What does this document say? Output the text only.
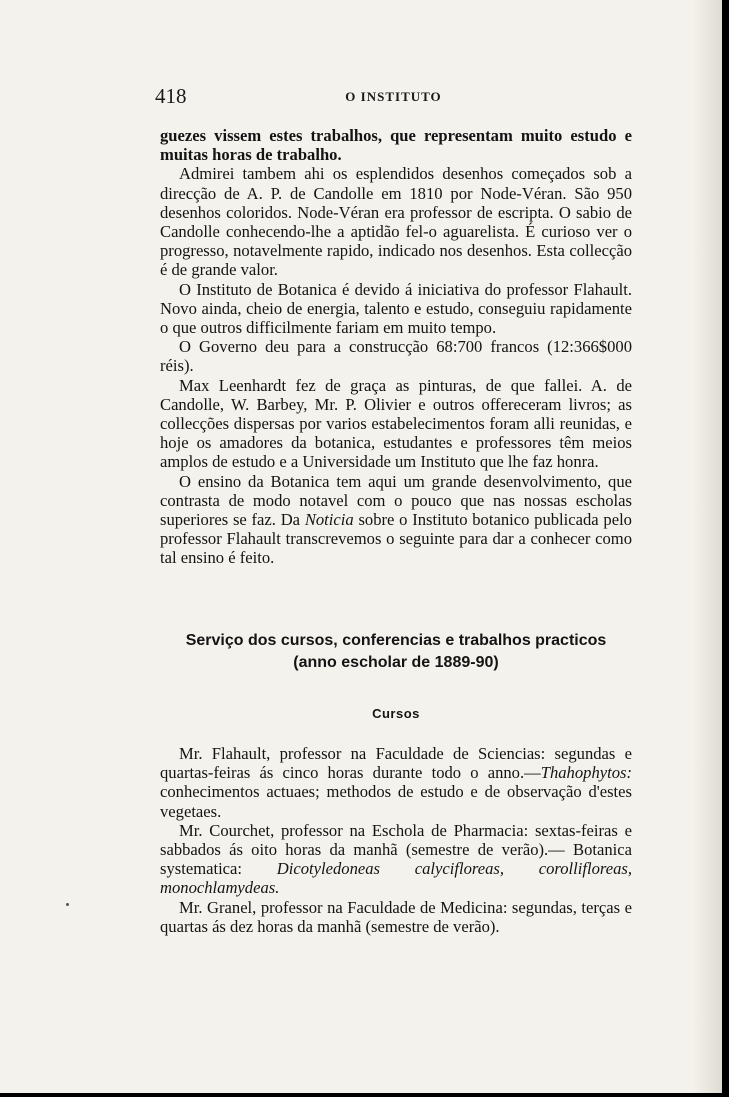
418	O INSTITUTO

guezes vissem estes trabalhos, que representam muito estudo e muitas horas de trabalho.

Admirei tambem ahi os esplendidos desenhos começados sob a direcção de A. P. de Candolle em 1810 por Node-Véran. São 950 desenhos coloridos. Node-Véran era professor de escripta. O sabio de Candolle conhecendo-lhe a aptidão fel-o aguarelista. É curioso ver o progresso, notavelmente rapido, indicado nos desenhos. Esta collecção é de grande valor.

O Instituto de Botanica é devido á iniciativa do professor Flahault. Novo ainda, cheio de energia, talento e estudo, conseguiu rapidamente o que outros difficilmente fariam em muito tempo.

O Governo deu para a construcção 68:700 francos (12:366$000 réis).

Max Leenhardt fez de graça as pinturas, de que fallei. A. de Candolle, W. Barbey, Mr. P. Olivier e outros offereceram livros; as collecções dispersas por varios estabelecimentos foram alli reunidas, e hoje os amadores da botanica, estudantes e professores têm meios amplos de estudo e a Universidade um Instituto que lhe faz honra.

O ensino da Botanica tem aqui um grande desenvolvimento, que contrasta de modo notavel com o pouco que nas nossas escholas superiores se faz. Da Noticia sobre o Instituto botanico publicada pelo professor Flahault transcrevemos o seguinte para dar a conhecer como tal ensino é feito.

Serviço dos cursos, conferencias e trabalhos practicos
(anno escholar de 1889-90)
Cursos

Mr. Flahault, professor na Faculdade de Sciencias: segundas e quartas-feiras ás cinco horas durante todo o anno.—Thahophytos: conhecimentos actuaes; methodos de estudo e de observação d'estes vegetaes.

Mr. Courchet, professor na Eschola de Pharmacia: sextas-feiras e sabbados ás oito horas da manhã (semestre de verão).— Botanica systematica: Dicotyledoneas calycifloreas, corollifloreas, monochlamydeas.

Mr. Granel, professor na Faculdade de Medicina: segundas, terças e quartas ás dez horas da manhã (semestre de verão).
